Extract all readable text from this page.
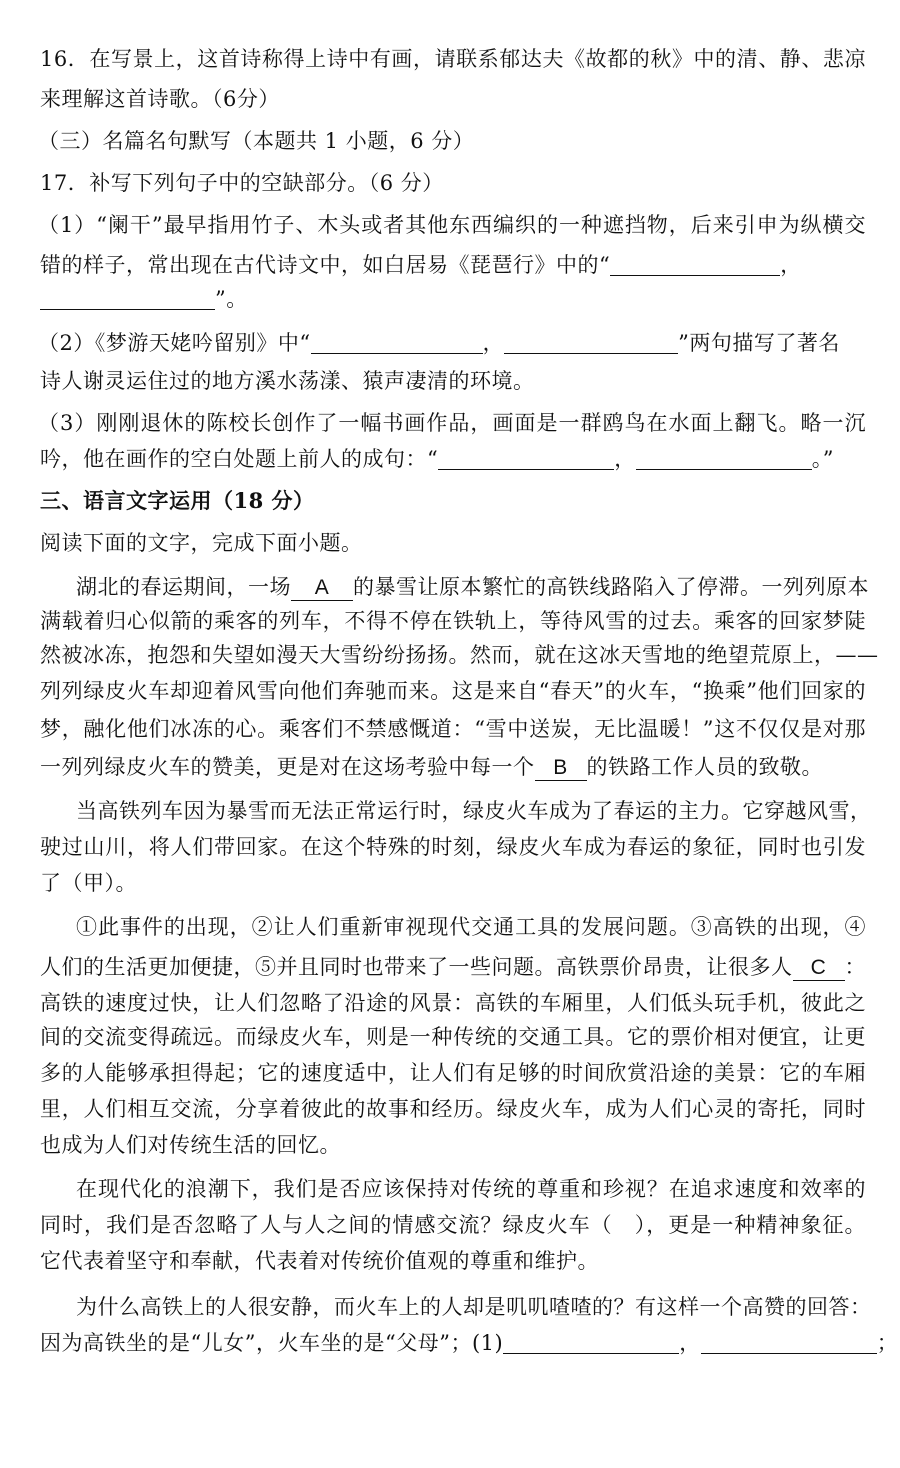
16．在写景上，这首诗称得上诗中有画，请联系郁达夫《故都的秋》中的清、静、悲凉
来理解这首诗歌。（6分）
（三）名篇名句默写（本题共 1 小题，6 分）
17．补写下列句子中的空缺部分。（6 分）
（1）“阑干”最早指用竹子、木头或者其他东西编织的一种遮挡物，后来引申为纵横交
错的样子，常出现在古代诗文中，如白居易《琵琶行》中的“	，
”。
（2）《梦游天姥吟留别》中“	，	”两句描写了著名
诗人谢灵运住过的地方溪水荡漾、猿声凄清的环境。
（3）刚刚退休的陈校长创作了一幅书画作品，画面是一群鸥鸟在水面上翻飞。略一沉
吟，他在画作的空白处题上前人的成句：“	，	。”
三、语言文字运用（18 分）
阅读下面的文字，完成下面小题。
湖北的春运期间，一场 A 的暴雪让原本繁忙的高铁线路陷入了停滞。一列列原本
满载着归心似箭的乘客的列车，不得不停在铁轨上，等待风雪的过去。乘客的回家梦陡
然被冰冻，抱怨和失望如漫天大雪纷纷扬扬。然而，就在这冰天雪地的绝望荒原上，——
列列绿皮火车却迎着风雪向他们奔驰而来。这是来自“春天”的火车，“换乘”他们回家的
梦，融化他们冰冻的心。乘客们不禁感慨道：“雪中送炭，无比温暖！”这不仅仅是对那
一列列绿皮火车的赞美，更是对在这场考验中每一个 B 的铁路工作人员的致敬。
当高铁列车因为暴雪而无法正常运行时，绿皮火车成为了春运的主力。它穿越风雪，
驶过山川，将人们带回家。在这个特殊的时刻，绿皮火车成为春运的象征，同时也引发
了（甲）。
①此事件的出现，②让人们重新审视现代交通工具的发展问题。③高铁的出现，④
人们的生活更加便捷，⑤并且同时也带来了一些问题。高铁票价昂贵，让很多人 C ：
高铁的速度过快，让人们忽略了沿途的风景：高铁的车厢里，人们低头玩手机，彼此之
间的交流变得疏远。而绿皮火车，则是一种传统的交通工具。它的票价相对便宜，让更
多的人能够承担得起；它的速度适中，让人们有足够的时间欣赏沿途的美景：它的车厢
里，人们相互交流，分享着彼此的故事和经历。绿皮火车，成为人们心灵的寄托，同时
也成为人们对传统生活的回忆。
在现代化的浪潮下，我们是否应该保持对传统的尊重和珍视？在追求速度和效率的
同时，我们是否忽略了人与人之间的情感交流？绿皮火车（　），更是一种精神象征。
它代表着坚守和奉献，代表着对传统价值观的尊重和维护。
为什么高铁上的人很安静，而火车上的人却是叽叽喳喳的？有这样一个高赞的回答：
因为高铁坐的是“儿女”，火车坐的是“父母”；(1)	，	；
